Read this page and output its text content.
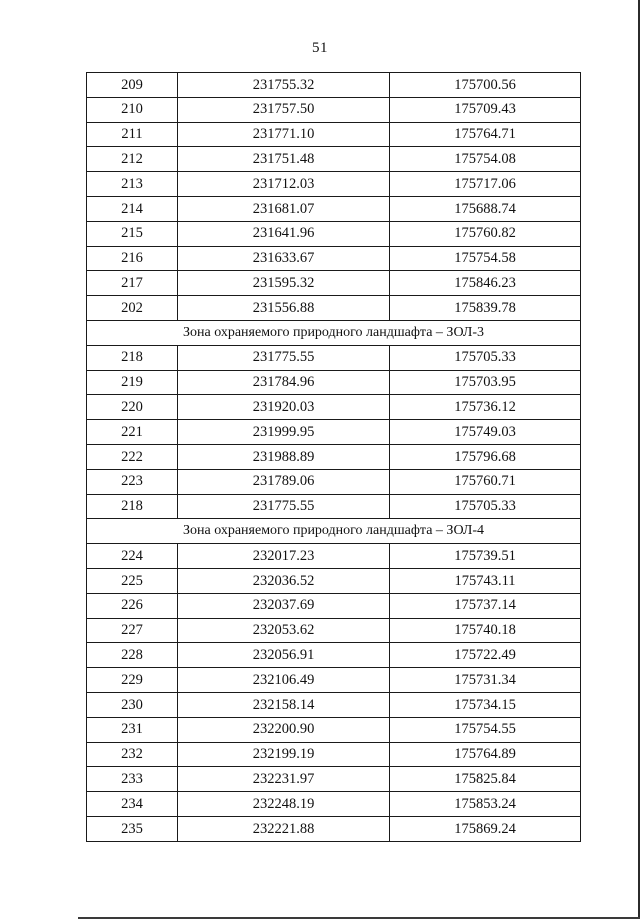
51
209	231755.32	175700.56
210	231757.50	175709.43
211	231771.10	175764.71
212	231751.48	175754.08
213	231712.03	175717.06
214	231681.07	175688.74
215	231641.96	175760.82
216	231633.67	175754.58
217	231595.32	175846.23
202	231556.88	175839.78
Зона охраняемого природного ландшафта – ЗОЛ-3		
218	231775.55	175705.33
219	231784.96	175703.95
220	231920.03	175736.12
221	231999.95	175749.03
222	231988.89	175796.68
223	231789.06	175760.71
218	231775.55	175705.33
Зона охраняемого природного ландшафта – ЗОЛ-4		
224	232017.23	175739.51
225	232036.52	175743.11
226	232037.69	175737.14
227	232053.62	175740.18
228	232056.91	175722.49
229	232106.49	175731.34
230	232158.14	175734.15
231	232200.90	175754.55
232	232199.19	175764.89
233	232231.97	175825.84
234	232248.19	175853.24
235	232221.88	175869.24
